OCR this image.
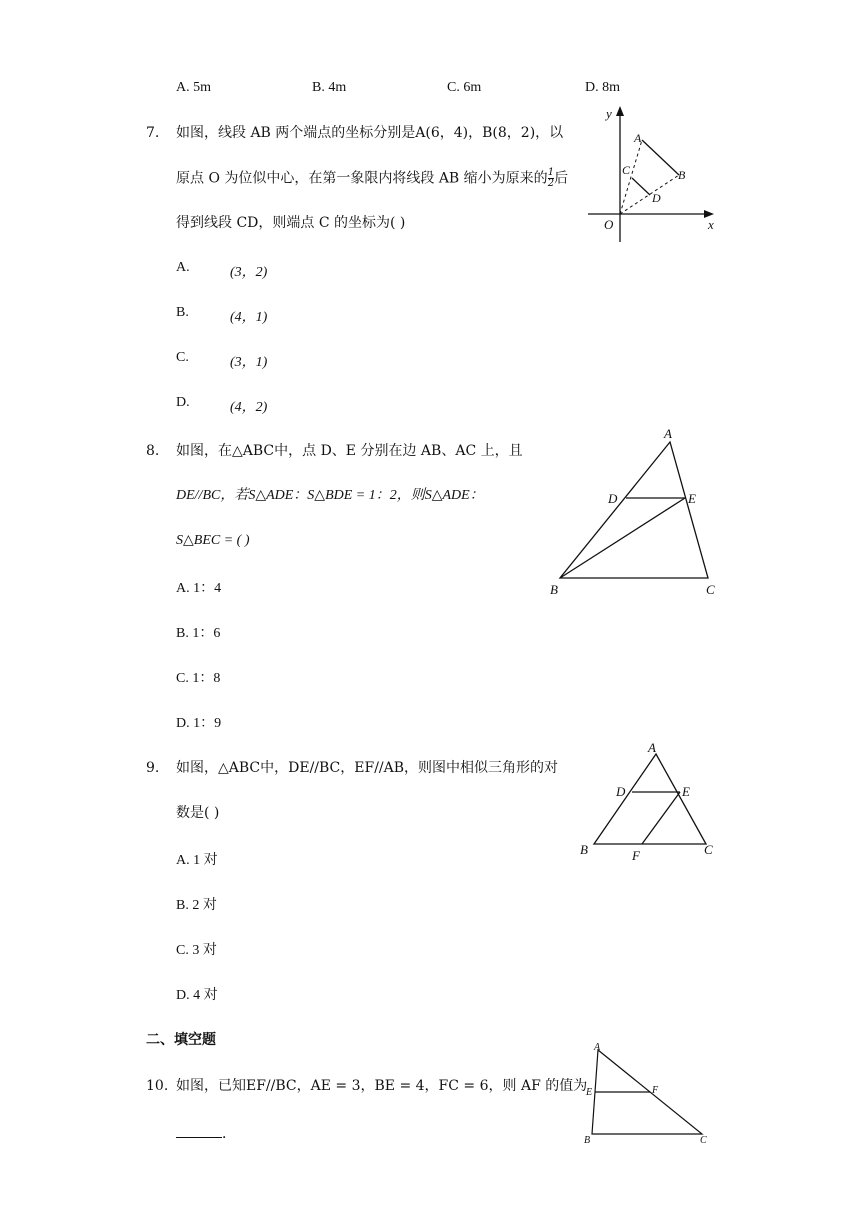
A. 5m	B. 4m	C. 6m	D. 8m
7. 如图，线段 AB 两个端点的坐标分别是A(6，4)，B(8，2)，以
原点 O 为位似中心，在第一象限内将线段 AB 缩小为原来的 $\frac{1}{2}$ 后
得到线段 CD，则端点 C 的坐标为( )
A.	(3，2)
B.	(4，1)
C.	(3，1)
D.	(4，2)
y
x
O
A
B
C
D
8. 如图，在△ABC中，点 D、E 分别在边 AB、AC 上，且
DE//BC，若S△ADE：S△BDE = 1：2，则S△ADE：
S△BEC = ( )
A. 1：4
B. 1：6
C. 1：8
D. 1：9
A
B	C
D	E
9. 如图，△ABC中，DE//BC，EF//AB，则图中相似三角形的对
数是( )
A. 1 对
B. 2 对
C. 3 对
D. 4 对
A
B	C
D	E
F
二、填空题
10. 如图，已知EF//BC，AE = 3，BE = 4，FC = 6，则 AF 的值为
．
A
B	C
E	F
